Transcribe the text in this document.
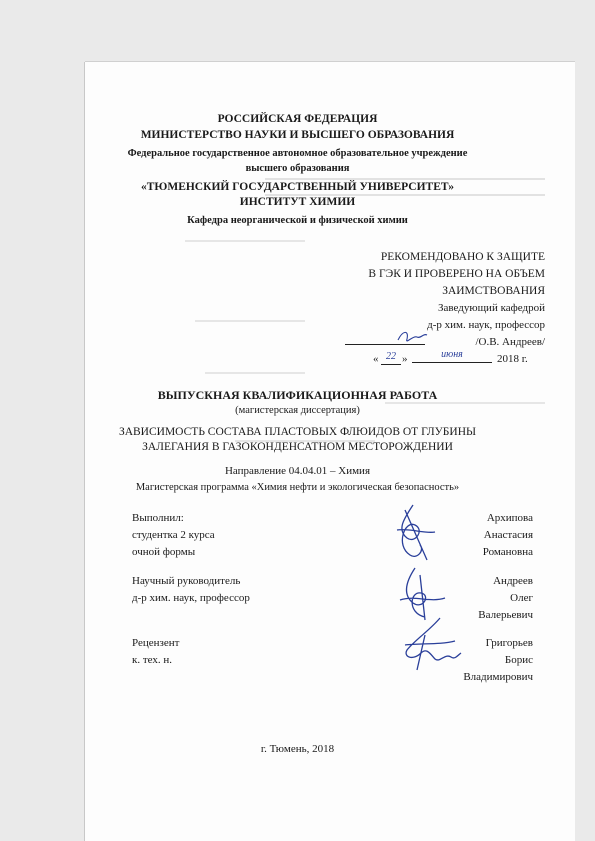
РОССИЙСКАЯ ФЕДЕРАЦИЯ
МИНИСТЕРСТВО НАУКИ И ВЫСШЕГО ОБРАЗОВАНИЯ
Федеральное государственное автономное образовательное учреждение
высшего образования
«ТЮМЕНСКИЙ ГОСУДАРСТВЕННЫЙ УНИВЕРСИТЕТ»
ИНСТИТУТ ХИМИИ
Кафедра неорганической и физической химии
РЕКОМЕНДОВАНО К ЗАЩИТЕ
В ГЭК И ПРОВЕРЕНО НА ОБЪЕМ
ЗАИМСТВОВАНИЯ
Заведующий кафедрой
д-р хим. наук, профессор
/О.В. Андреев/
« 22 »	июня	2018 г.
ВЫПУСКНАЯ КВАЛИФИКАЦИОННАЯ РАБОТА
(магистерская диссертация)
ЗАВИСИМОСТЬ СОСТАВА ПЛАСТОВЫХ ФЛЮИДОВ ОТ ГЛУБИНЫ
ЗАЛЕГАНИЯ В ГАЗОКОНДЕНСАТНОМ МЕСТОРОЖДЕНИИ
Направление 04.04.01 – Химия
Магистерская программа «Химия нефти и экологическая безопасность»
Выполнил:
студентка 2 курса
очной формы
Архипова
Анастасия
Романовна
Научный руководитель
д-р хим. наук, профессор
Андреев
Олег
Валерьевич
Рецензент
к. тех. н.
Григорьев
Борис
Владимирович
г. Тюмень, 2018
